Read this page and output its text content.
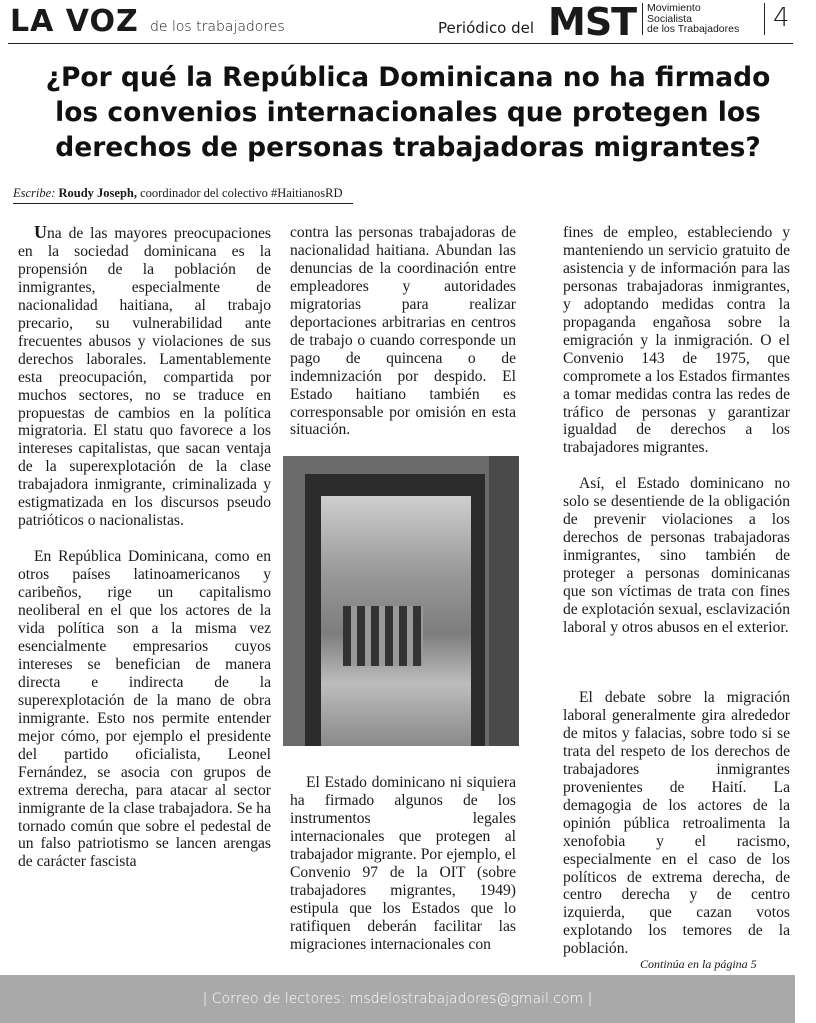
LA VOZ de los trabajadores	Periódico del MST Movimiento
Socialista
de los Trabajadores	4
¿Por qué la República Dominicana no ha firmado los convenios internacionales que protegen los derechos de personas trabajadoras migrantes?
Escribe: Roudy Joseph, coordinador del colectivo #HaitianosRD

Una de las mayores preocupaciones en la sociedad dominicana es la propensión de la población de inmigrantes, especialmente de nacionalidad haitiana, al trabajo precario, su vulnerabilidad ante frecuentes abusos y violaciones de sus derechos laborales. Lamentablemente esta preocupación, compartida por muchos sectores, no se traduce en propuestas de cambios en la política migratoria. El statu quo favorece a los intereses capitalistas, que sacan ventaja de la superexplotación de la clase trabajadora inmigrante, criminalizada y estigmatizada en los discursos pseudo patrióticos o nacionalistas.

En República Dominicana, como en otros países latinoamericanos y caribeños, rige un capitalismo neoliberal en el que los actores de la vida política son a la misma vez esencialmente empresarios cuyos intereses se benefician de manera directa e indirecta de la superexplotación de la mano de obra inmigrante. Esto nos permite entender mejor cómo, por ejemplo el presidente del partido oficialista, Leonel Fernández, se asocia con grupos de extrema derecha, para atacar al sector inmigrante de la clase trabajadora. Se ha tornado común que sobre el pedestal de un falso patriotismo se lancen arengas de carácter fascista

contra las personas trabajadoras de nacionalidad haitiana. Abundan las denuncias de la coordinación entre empleadores y autoridades migratorias para realizar deportaciones arbitrarias en centros de trabajo o cuando corresponde un pago de quincena o de indemnización por despido. El Estado haitiano también es corresponsable por omisión en esta situación.

El Estado dominicano ni siquiera ha firmado algunos de los instrumentos legales internacionales que protegen al trabajador migrante. Por ejemplo, el Convenio 97 de la OIT (sobre trabajadores migrantes, 1949) estipula que los Estados que lo ratifiquen deberán facilitar las migraciones internacionales con

fines de empleo, estableciendo y manteniendo un servicio gratuito de asistencia y de información para las personas trabajadoras inmigrantes, y adoptando medidas contra la propaganda engañosa sobre la emigración y la inmigración. O el Convenio 143 de 1975, que compromete a los Estados firmantes a tomar medidas contra las redes de tráfico de personas y garantizar igualdad de derechos a los trabajadores migrantes.

Así, el Estado dominicano no solo se desentiende de la obligación de prevenir violaciones a los derechos de personas trabajadoras inmigrantes, sino también de proteger a personas dominicanas que son víctimas de trata con fines de explotación sexual, esclavización laboral y otros abusos en el exterior.

El debate sobre la migración laboral generalmente gira alrededor de mitos y falacias, sobre todo si se trata del respeto de los derechos de trabajadores inmigrantes provenientes de Haití. La demagogia de los actores de la opinión pública retroalimenta la xenofobia y el racismo, especialmente en el caso de los políticos de extrema derecha, de centro derecha y de centro izquierda, que cazan votos explotando los temores de la población.

Continúa en la página 5
| Correo de lectores: msdelostrabajadores@gmail.com |
